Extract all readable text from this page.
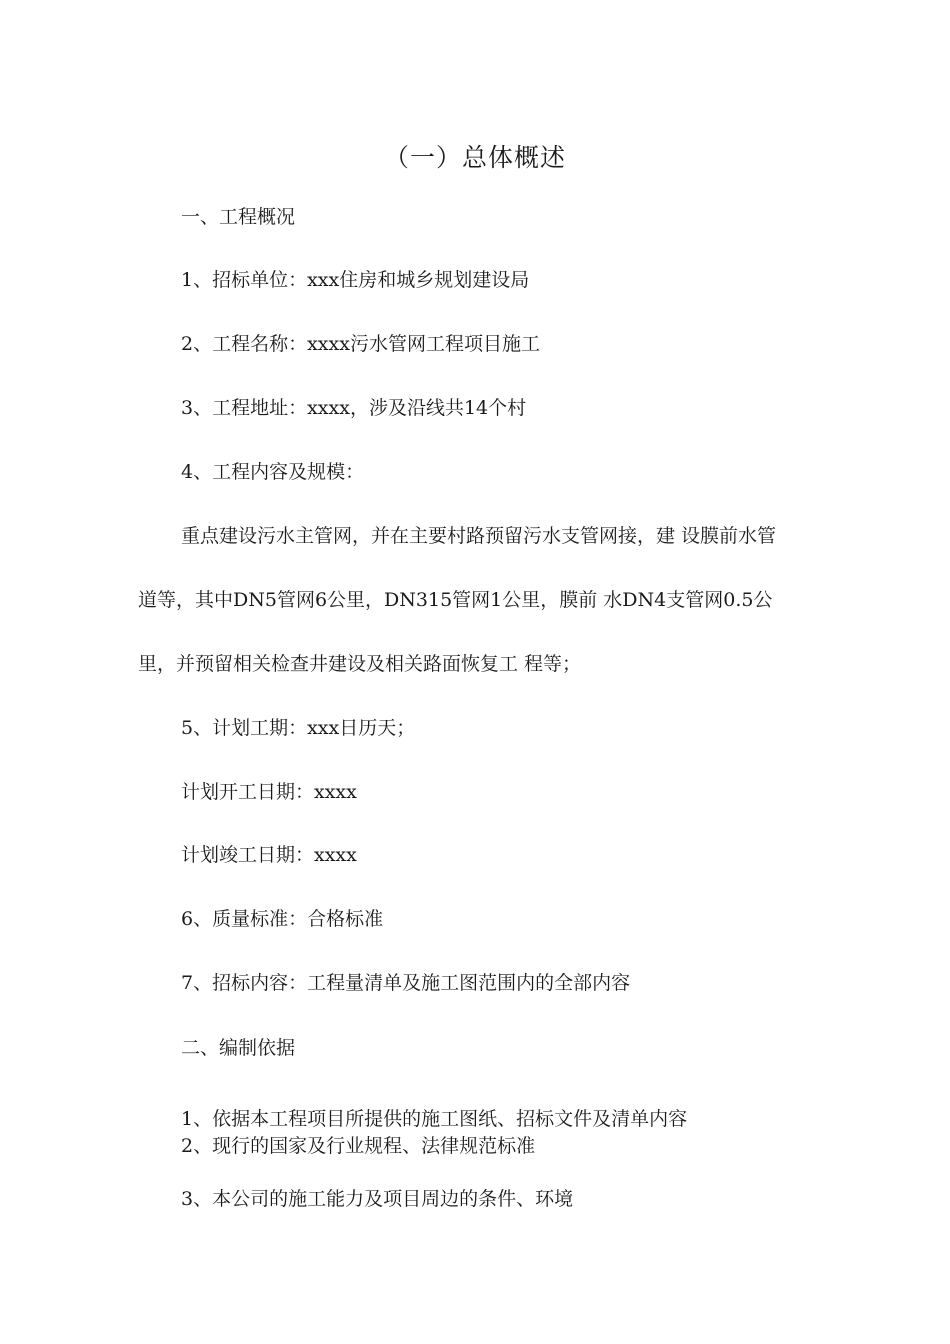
（一）总体概述
一、工程概况
1、招标单位：xxx住房和城乡规划建设局
2、工程名称：xxxx污水管网工程项目施工
3、工程地址：xxxx，涉及沿线共14个村
4、工程内容及规模：
重点建设污水主管网，并在主要村路预留污水支管网接，建 设膜前水管
道等，其中DN5管网6公里，DN315管网1公里，膜前 水DN4支管网0.5公
里，并预留相关检查井建设及相关路面恢复工 程等；
5、计划工期：xxx日历天；
计划开工日期：xxxx
计划竣工日期：xxxx
6、质量标准：合格标准
7、招标内容：工程量清单及施工图范围内的全部内容
二、编制依据
1、依据本工程项目所提供的施工图纸、招标文件及清单内容
2、现行的国家及行业规程、法律规范标准
3、本公司的施工能力及项目周边的条件、环境
